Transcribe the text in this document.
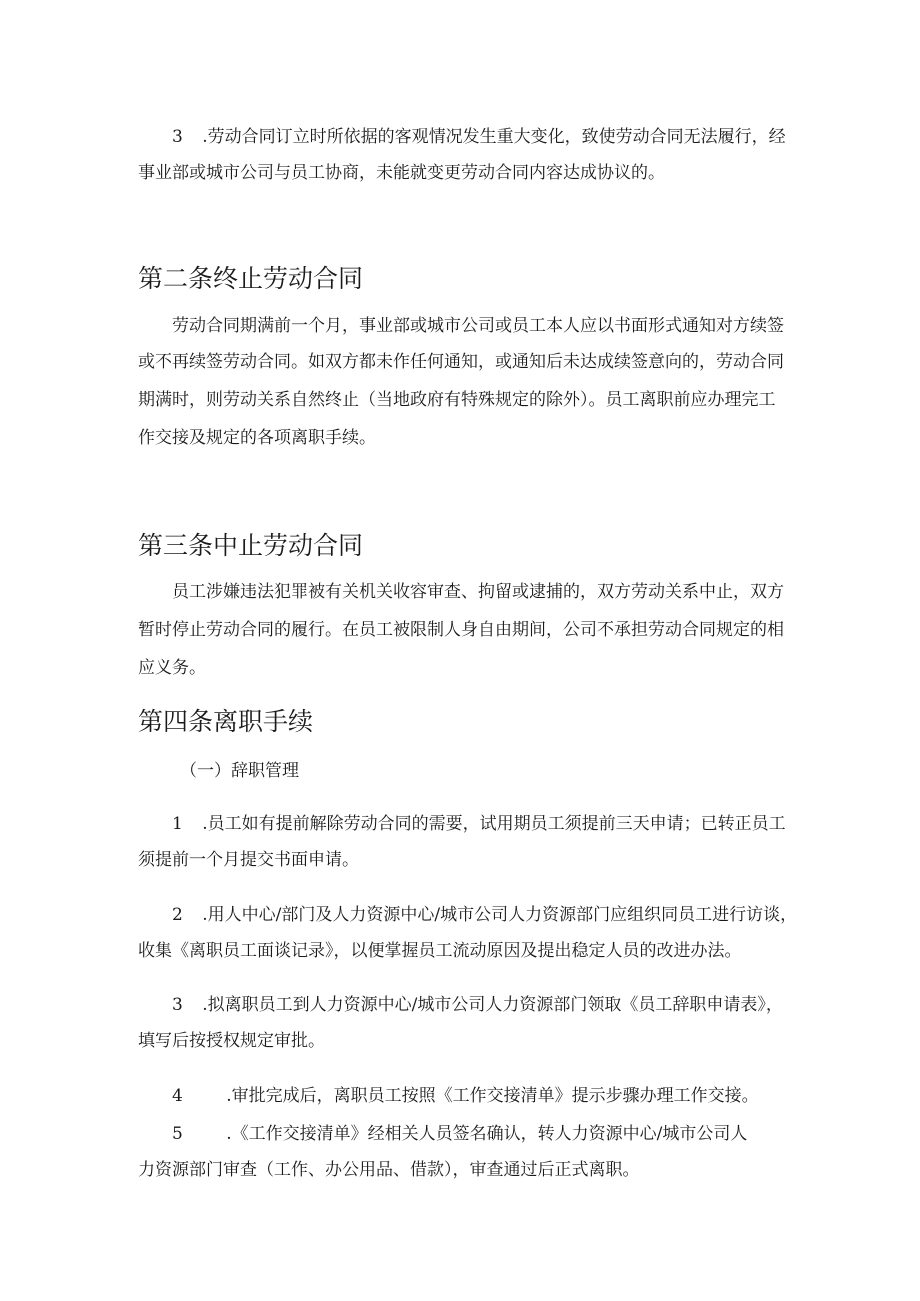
3 .劳动合同订立时所依据的客观情况发生重大变化，致使劳动合同无法履行，经
事业部或城市公司与员工协商，未能就变更劳动合同内容达成协议的。
第二条终止劳动合同
劳动合同期满前一个月，事业部或城市公司或员工本人应以书面形式通知对方续签
或不再续签劳动合同。如双方都未作任何通知，或通知后未达成续签意向的，劳动合同
期满时，则劳动关系自然终止（当地政府有特殊规定的除外）。员工离职前应办理完工
作交接及规定的各项离职手续。
第三条中止劳动合同
员工涉嫌违法犯罪被有关机关收容审查、拘留或逮捕的，双方劳动关系中止，双方
暂时停止劳动合同的履行。在员工被限制人身自由期间，公司不承担劳动合同规定的相
应义务。
第四条离职手续
（一）辞职管理
1 .员工如有提前解除劳动合同的需要，试用期员工须提前三天申请；已转正员工
须提前一个月提交书面申请。
2 .用人中心/部门及人力资源中心/城市公司人力资源部门应组织同员工进行访谈，
收集《离职员工面谈记录》，以便掌握员工流动原因及提出稳定人员的改进办法。
3 .拟离职员工到人力资源中心/城市公司人力资源部门领取《员工辞职申请表》，
填写后按授权规定审批。
4	.审批完成后，离职员工按照《工作交接清单》提示步骤办理工作交接。
5	.《工作交接清单》经相关人员签名确认，转人力资源中心/城市公司人
力资源部门审查（工作、办公用品、借款），审查通过后正式离职。
